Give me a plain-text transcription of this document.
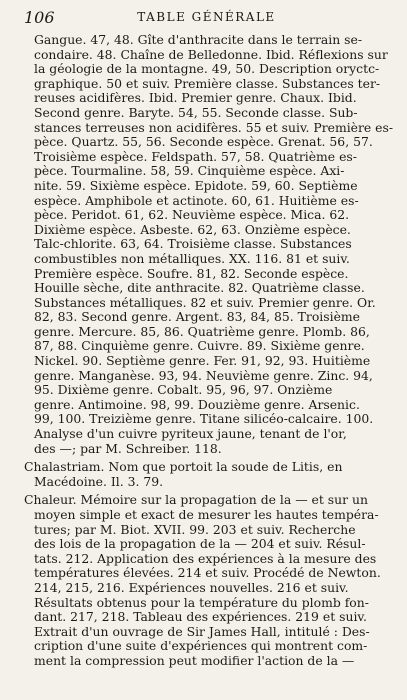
106	TABLE GÉNÉRALE
Gangue. 47, 48. Gîte d'anthracite dans le terrain se-
condaire. 48. Chaîne de Belledonne. Ibid. Réflexions sur
la géologie de la montagne. 49, 50. Description oryctc-
graphique. 50 et suiv. Première classe. Substances ter-
reuses acidifères. Ibid. Premier genre. Chaux. Ibid.
Second genre. Baryte. 54, 55. Seconde classe. Sub-
stances terreuses non acidifères. 55 et suiv. Première es-
pèce. Quartz. 55, 56. Seconde espèce. Grenat. 56, 57.
Troisième espèce. Feldspath. 57, 58. Quatrième es-
pèce. Tourmaline. 58, 59. Cinquième espèce. Axi-
nite. 59. Sixième espèce. Epidote. 59, 60. Septième
espèce. Amphibole et actinote. 60, 61. Huitième es-
pèce. Peridot. 61, 62. Neuvième espèce. Mica. 62.
Dixième espèce. Asbeste. 62, 63. Onzième espèce.
Talc-chlorite. 63, 64. Troisième classe. Substances
combustibles non métalliques. XX. 116. 81 et suiv.
Première espèce. Soufre. 81, 82. Seconde espèce.
Houille sèche, dite anthracite. 82. Quatrième classe.
Substances métalliques. 82 et suiv. Premier genre. Or.
82, 83. Second genre. Argent. 83, 84, 85. Troisième
genre. Mercure. 85, 86. Quatrième genre. Plomb. 86,
87, 88. Cinquième genre. Cuivre. 89. Sixième genre.
Nickel. 90. Septième genre. Fer. 91, 92, 93. Huitième
genre. Manganèse. 93, 94. Neuvième genre. Zinc. 94,
95. Dixième genre. Cobalt. 95, 96, 97. Onzième
genre. Antimoine. 98, 99. Douzième genre. Arsenic.
99, 100. Treizième genre. Titane silicéo-calcaire. 100.
Analyse d'un cuivre pyriteux jaune, tenant de l'or,
des —; par M. Schreiber. 118.
Chalastriam. Nom que portoit la soude de Litis, en
Macédoine. Il. 3. 79.
Chaleur. Mémoire sur la propagation de la — et sur un
moyen simple et exact de mesurer les hautes tempéra-
tures; par M. Biot. XVII. 99. 203 et suiv. Recherche
des lois de la propagation de la — 204 et suiv. Résul-
tats. 212. Application des expériences à la mesure des
températures élevées. 214 et suiv. Procédé de Newton.
214, 215, 216. Expériences nouvelles. 216 et suiv.
Résultats obtenus pour la température du plomb fon-
dant. 217, 218. Tableau des expériences. 219 et suiv.
Extrait d'un ouvrage de Sir James Hall, intitulé : Des-
cription d'une suite d'expériences qui montrent com-
ment la compression peut modifier l'action de la —
